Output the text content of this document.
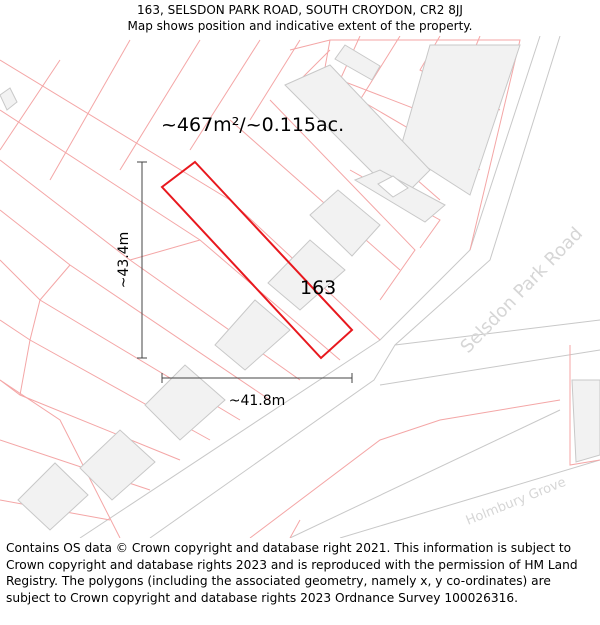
163, SELSDON PARK ROAD, SOUTH CROYDON, CR2 8JJ
Map shows position and indicative extent of the property.
Selsdon Park Road
Holmbury Grove
~467m²/~0.115ac.
163
~43.4m
~41.8m
Contains OS data © Crown copyright and database right 2021. This information is subject to Crown copyright and database rights 2023 and is reproduced with the permission of HM Land Registry. The polygons (including the associated geometry, namely x, y co-ordinates) are subject to Crown copyright and database rights 2023 Ordnance Survey 100026316.
